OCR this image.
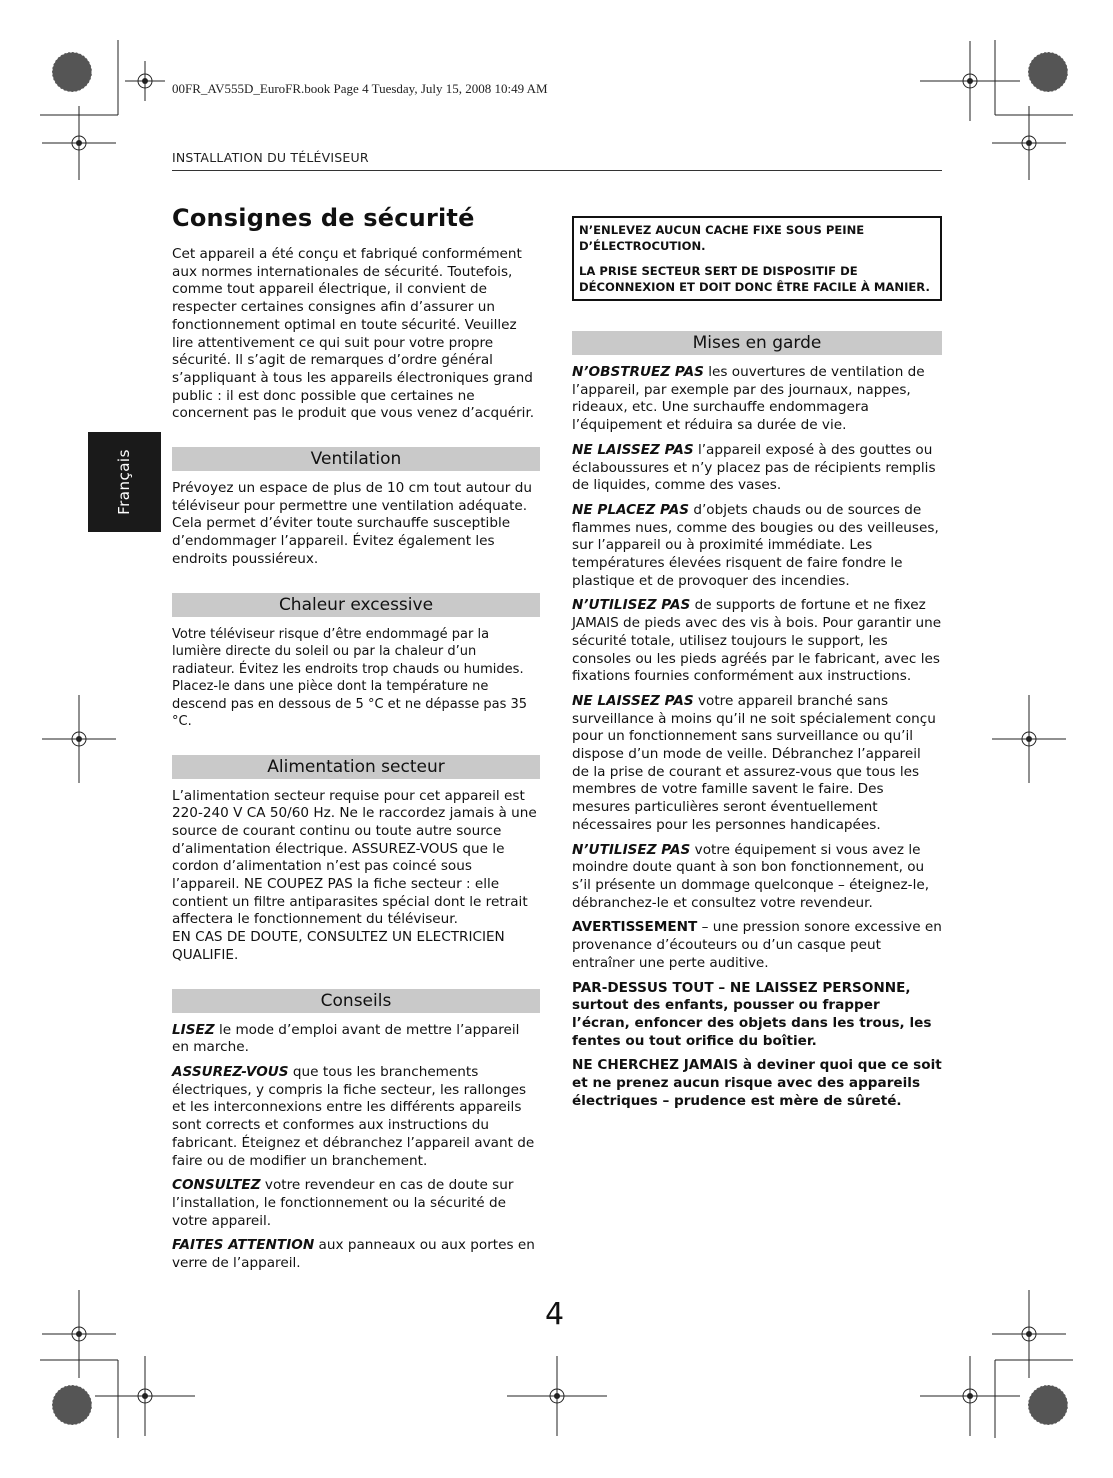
00FR_AV555D_EuroFR.book Page 4 Tuesday, July 15, 2008 10:49 AM
INSTALLATION DU TÉLÉVISEUR
Français
Consignes de sécurité

Cet appareil a été conçu et fabriqué conformément aux normes internationales de sécurité. Toutefois, comme tout appareil électrique, il convient de respecter certaines consignes afin d’assurer un fonctionnement optimal en toute sécurité. Veuillez lire attentivement ce qui suit pour votre propre sécurité. Il s’agit de remarques d’ordre général s’appliquant à tous les appareils électroniques grand public : il est donc possible que certaines ne concernent pas le produit que vous venez d’acquérir.

Ventilation

Prévoyez un espace de plus de 10 cm tout autour du téléviseur pour permettre une ventilation adéquate. Cela permet d’éviter toute surchauffe susceptible d’endommager l’appareil. Évitez également les endroits poussiéreux.

Chaleur excessive

Votre téléviseur risque d’être endommagé par la lumière directe du soleil ou par la chaleur d’un radiateur. Évitez les endroits trop chauds ou humides. Placez-le dans une pièce dont la température ne descend pas en dessous de 5 °C et ne dépasse pas 35 °C.

Alimentation secteur

L’alimentation secteur requise pour cet appareil est 220-240 V CA 50/60 Hz. Ne le raccordez jamais à une source de courant continu ou toute autre source d’alimentation électrique. ASSUREZ-VOUS que le cordon d’alimentation n’est pas coincé sous l’appareil. NE COUPEZ PAS la fiche secteur : elle contient un filtre antiparasites spécial dont le retrait affectera le fonctionnement du téléviseur.

EN CAS DE DOUTE, CONSULTEZ UN ELECTRICIEN QUALIFIE.

Conseils

LISEZ le mode d’emploi avant de mettre l’appareil en marche.

ASSUREZ-VOUS que tous les branchements électriques, y compris la fiche secteur, les rallonges et les interconnexions entre les différents appareils sont corrects et conformes aux instructions du fabricant. Éteignez et débranchez l’appareil avant de faire ou de modifier un branchement.

CONSULTEZ votre revendeur en cas de doute sur l’installation, le fonctionnement ou la sécurité de votre appareil.

FAITES ATTENTION aux panneaux ou aux portes en verre de l’appareil.

N’ENLEVEZ AUCUN CACHE FIXE SOUS PEINE D’ÉLECTROCUTION.

LA PRISE SECTEUR SERT DE DISPOSITIF DE DÉCONNEXION ET DOIT DONC ÊTRE FACILE À MANIER.

Mises en garde

N’OBSTRUEZ PAS les ouvertures de ventilation de l’appareil, par exemple par des journaux, nappes, rideaux, etc. Une surchauffe endommagera l’équipement et réduira sa durée de vie.

NE LAISSEZ PAS l’appareil exposé à des gouttes ou éclaboussures et n’y placez pas de récipients remplis de liquides, comme des vases.

NE PLACEZ PAS d’objets chauds ou de sources de flammes nues, comme des bougies ou des veilleuses, sur l’appareil ou à proximité immédiate. Les températures élevées risquent de faire fondre le plastique et de provoquer des incendies.

N’UTILISEZ PAS de supports de fortune et ne fixez JAMAIS de pieds avec des vis à bois. Pour garantir une sécurité totale, utilisez toujours le support, les consoles ou les pieds agréés par le fabricant, avec les fixations fournies conformément aux instructions.

NE LAISSEZ PAS votre appareil branché sans surveillance à moins qu’il ne soit spécialement conçu pour un fonctionnement sans surveillance ou qu’il dispose d’un mode de veille. Débranchez l’appareil de la prise de courant et assurez-vous que tous les membres de votre famille savent le faire. Des mesures particulières seront éventuellement nécessaires pour les personnes handicapées.

N’UTILISEZ PAS votre équipement si vous avez le moindre doute quant à son bon fonctionnement, ou s’il présente un dommage quelconque – éteignez-le, débranchez-le et consultez votre revendeur.

AVERTISSEMENT – une pression sonore excessive en provenance d’écouteurs ou d’un casque peut entraîner une perte auditive.

PAR-DESSUS TOUT – NE LAISSEZ PERSONNE, surtout des enfants, pousser ou frapper l’écran, enfoncer des objets dans les trous, les fentes ou tout orifice du boîtier.

NE CHERCHEZ JAMAIS à deviner quoi que ce soit et ne prenez aucun risque avec des appareils électriques – prudence est mère de sûreté.

4
